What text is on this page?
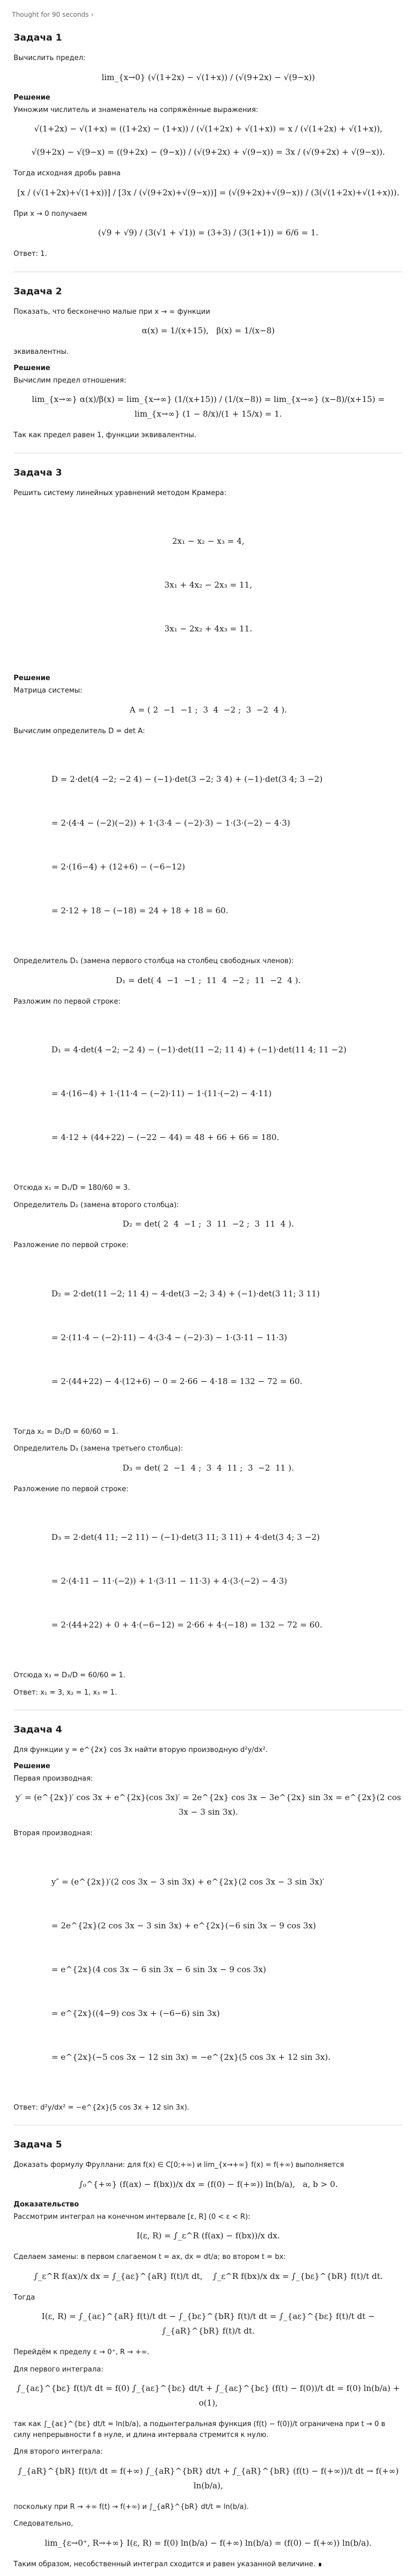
Thought for 90 seconds ›
Задача 1
Вычислить предел:
lim_{x→0} (√(1+2x) − √(1+x)) / (√(9+2x) − √(9−x))
Решение
Умножим числитель и знаменатель на сопряжённые выражения:
√(1+2x) − √(1+x) = ((1+2x) − (1+x)) / (√(1+2x) + √(1+x)) = x / (√(1+2x) + √(1+x)),
√(9+2x) − √(9−x) = ((9+2x) − (9−x)) / (√(9+2x) + √(9−x)) = 3x / (√(9+2x) + √(9−x)).
Тогда исходная дробь равна
[x / (√(1+2x)+√(1+x))] / [3x / (√(9+2x)+√(9−x))] = (√(9+2x)+√(9−x)) / (3(√(1+2x)+√(1+x))).
При x → 0 получаем
(√9 + √9) / (3(√1 + √1)) = (3+3) / (3(1+1)) = 6/6 = 1.
Ответ: 1.
Задача 2
Показать, что бесконечно малые при x → ∞ функции
α(x) = 1/(x+15),   β(x) = 1/(x−8)
эквивалентны.
Решение
Вычислим предел отношения:
lim_{x→∞} α(x)/β(x) = lim_{x→∞} (1/(x+15)) / (1/(x−8)) = lim_{x→∞} (x−8)/(x+15) = lim_{x→∞} (1 − 8/x)/(1 + 15/x) = 1.
Так как предел равен 1, функции эквивалентны.
Задача 3
Решить систему линейных уравнений методом Крамера:

2x₁ − x₂ − x₃ = 4,

3x₁ + 4x₂ − 2x₃ = 11,

3x₁ − 2x₂ + 4x₃ = 11.

Решение
Матрица системы:
A = ( 2  −1  −1 ;  3  4  −2 ;  3  −2  4 ).
Вычислим определитель D = det A:

D = 2·det(4 −2; −2 4) − (−1)·det(3 −2; 3 4) + (−1)·det(3 4; 3 −2)

= 2·(4·4 − (−2)(−2)) + 1·(3·4 − (−2)·3) − 1·(3·(−2) − 4·3)

= 2·(16−4) + (12+6) − (−6−12)

= 2·12 + 18 − (−18) = 24 + 18 + 18 = 60.

Определитель D₁ (замена первого столбца на столбец свободных членов):
D₁ = det( 4  −1  −1 ;  11  4  −2 ;  11  −2  4 ).
Разложим по первой строке:

D₁ = 4·det(4 −2; −2 4) − (−1)·det(11 −2; 11 4) + (−1)·det(11 4; 11 −2)

= 4·(16−4) + 1·(11·4 − (−2)·11) − 1·(11·(−2) − 4·11)

= 4·12 + (44+22) − (−22 − 44) = 48 + 66 + 66 = 180.

Отсюда x₁ = D₁/D = 180/60 = 3.
Определитель D₂ (замена второго столбца):
D₂ = det( 2  4  −1 ;  3  11  −2 ;  3  11  4 ).
Разложение по первой строке:

D₂ = 2·det(11 −2; 11 4) − 4·det(3 −2; 3 4) + (−1)·det(3 11; 3 11)

= 2·(11·4 − (−2)·11) − 4·(3·4 − (−2)·3) − 1·(3·11 − 11·3)

= 2·(44+22) − 4·(12+6) − 0 = 2·66 − 4·18 = 132 − 72 = 60.

Тогда x₂ = D₂/D = 60/60 = 1.
Определитель D₃ (замена третьего столбца):
D₃ = det( 2  −1  4 ;  3  4  11 ;  3  −2  11 ).
Разложение по первой строке:

D₃ = 2·det(4 11; −2 11) − (−1)·det(3 11; 3 11) + 4·det(3 4; 3 −2)

= 2·(4·11 − 11·(−2)) + 1·(3·11 − 11·3) + 4·(3·(−2) − 4·3)

= 2·(44+22) + 0 + 4·(−6−12) = 2·66 + 4·(−18) = 132 − 72 = 60.

Отсюда x₃ = D₃/D = 60/60 = 1.
Ответ: x₁ = 3, x₂ = 1, x₃ = 1.
Задача 4
Для функции y = e^{2x} cos 3x найти вторую производную d²y/dx².
Решение
Первая производная:
y′ = (e^{2x})′ cos 3x + e^{2x}(cos 3x)′ = 2e^{2x} cos 3x − 3e^{2x} sin 3x = e^{2x}(2 cos 3x − 3 sin 3x).
Вторая производная:

y″ = (e^{2x})′(2 cos 3x − 3 sin 3x) + e^{2x}(2 cos 3x − 3 sin 3x)′

= 2e^{2x}(2 cos 3x − 3 sin 3x) + e^{2x}(−6 sin 3x − 9 cos 3x)

= e^{2x}(4 cos 3x − 6 sin 3x − 6 sin 3x − 9 cos 3x)

= e^{2x}((4−9) cos 3x + (−6−6) sin 3x)

= e^{2x}(−5 cos 3x − 12 sin 3x) = −e^{2x}(5 cos 3x + 12 sin 3x).

Ответ: d²y/dx² = −e^{2x}(5 cos 3x + 12 sin 3x).
Задача 5
Доказать формулу Фруллани: для f(x) ∈ C[0;+∞) и lim_{x→+∞} f(x) = f(+∞) выполняется
∫₀^{+∞} (f(ax) − f(bx))/x dx = (f(0) − f(+∞)) ln(b/a),   a, b > 0.
Доказательство
Рассмотрим интеграл на конечном интервале [ε, R] (0 < ε < R):
I(ε, R) = ∫_ε^R (f(ax) − f(bx))/x dx.
Сделаем замены: в первом слагаемом t = ax, dx = dt/a; во втором t = bx:
∫_ε^R f(ax)/x dx = ∫_{aε}^{aR} f(t)/t dt,    ∫_ε^R f(bx)/x dx = ∫_{bε}^{bR} f(t)/t dt.
Тогда
I(ε, R) = ∫_{aε}^{aR} f(t)/t dt − ∫_{bε}^{bR} f(t)/t dt = ∫_{aε}^{bε} f(t)/t dt − ∫_{aR}^{bR} f(t)/t dt.
Перейдём к пределу ε → 0⁺, R → +∞.
Для первого интеграла:
∫_{aε}^{bε} f(t)/t dt = f(0) ∫_{aε}^{bε} dt/t + ∫_{aε}^{bε} (f(t) − f(0))/t dt = f(0) ln(b/a) + o(1),
так как ∫_{aε}^{bε} dt/t = ln(b/a), а подынтегральная функция (f(t) − f(0))/t ограничена при t → 0 в силу непрерывности f в нуле, и длина интервала стремится к нулю.
Для второго интеграла:
∫_{aR}^{bR} f(t)/t dt = f(+∞) ∫_{aR}^{bR} dt/t + ∫_{aR}^{bR} (f(t) − f(+∞))/t dt → f(+∞) ln(b/a),
поскольку при R → +∞ f(t) → f(+∞) и ∫_{aR}^{bR} dt/t = ln(b/a).
Следовательно,
lim_{ε→0⁺, R→+∞} I(ε, R) = f(0) ln(b/a) − f(+∞) ln(b/a) = (f(0) − f(+∞)) ln(b/a).
Таким образом, несобственный интеграл сходится и равен указанной величине. ∎
